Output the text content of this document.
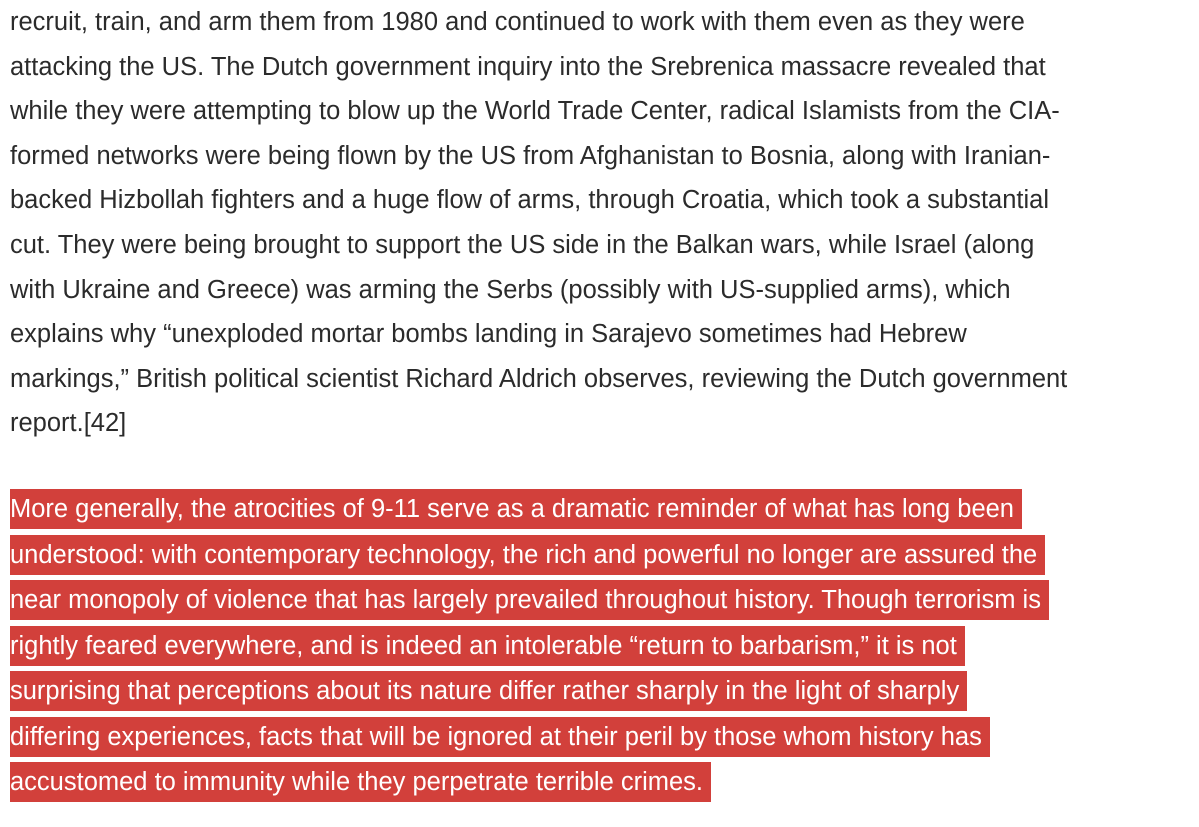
recruit, train, and arm them from 1980 and continued to work with them even as they were
attacking the US. The Dutch government inquiry into the Srebrenica massacre revealed that
while they were attempting to blow up the World Trade Center, radical Islamists from the CIA-
formed networks were being flown by the US from Afghanistan to Bosnia, along with Iranian-
backed Hizbollah fighters and a huge flow of arms, through Croatia, which took a substantial
cut. They were being brought to support the US side in the Balkan wars, while Israel (along
with Ukraine and Greece) was arming the Serbs (possibly with US-supplied arms), which
explains why “unexploded mortar bombs landing in Sarajevo sometimes had Hebrew
markings,” British political scientist Richard Aldrich observes, reviewing the Dutch government
report.[42]

More generally, the atrocities of 9-11 serve as a dramatic reminder of what has long been
understood: with contemporary technology, the rich and powerful no longer are assured the
near monopoly of violence that has largely prevailed throughout history. Though terrorism is
rightly feared everywhere, and is indeed an intolerable “return to barbarism,” it is not
surprising that perceptions about its nature differ rather sharply in the light of sharply
differing experiences, facts that will be ignored at their peril by those whom history has
accustomed to immunity while they perpetrate terrible crimes.
